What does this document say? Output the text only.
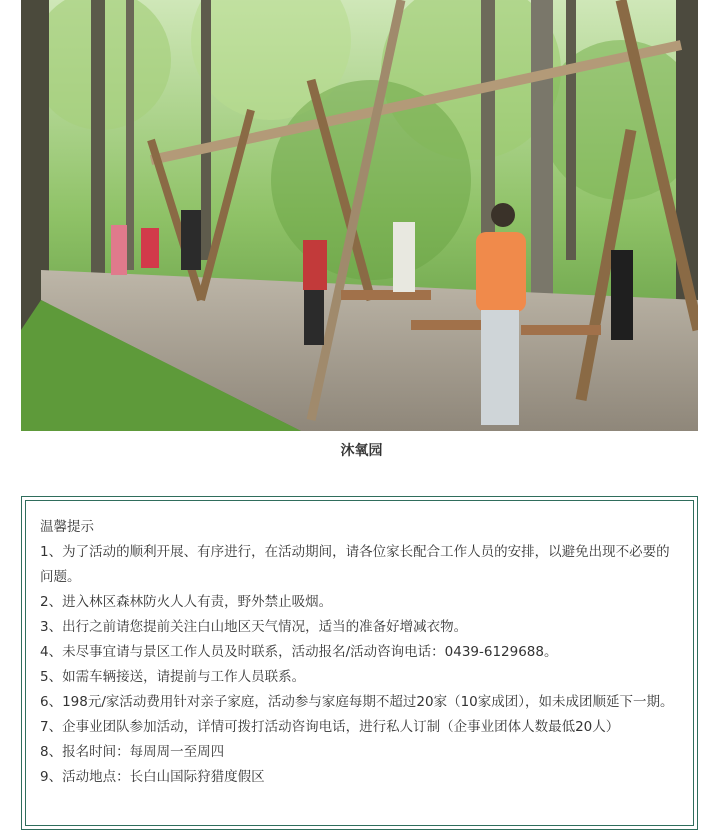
沐氧园

温馨提示

1、为了活动的顺利开展、有序进行，在活动期间，请各位家长配合工作人员的安排，以避免出现不必要的问题。

2、进入林区森林防火人人有责，野外禁止吸烟。

3、出行之前请您提前关注白山地区天气情况，适当的准备好增减衣物。

4、未尽事宜请与景区工作人员及时联系，活动报名/活动咨询电话：0439-6129688。

5、如需车辆接送，请提前与工作人员联系。

6、198元/家活动费用针对亲子家庭，活动参与家庭每期不超过20家（10家成团），如未成团顺延下一期。

7、企事业团队参加活动，详情可拨打活动咨询电话，进行私人订制（企事业团体人数最低20人）

8、报名时间：每周周一至周四

9、活动地点：长白山国际狩猎度假区
